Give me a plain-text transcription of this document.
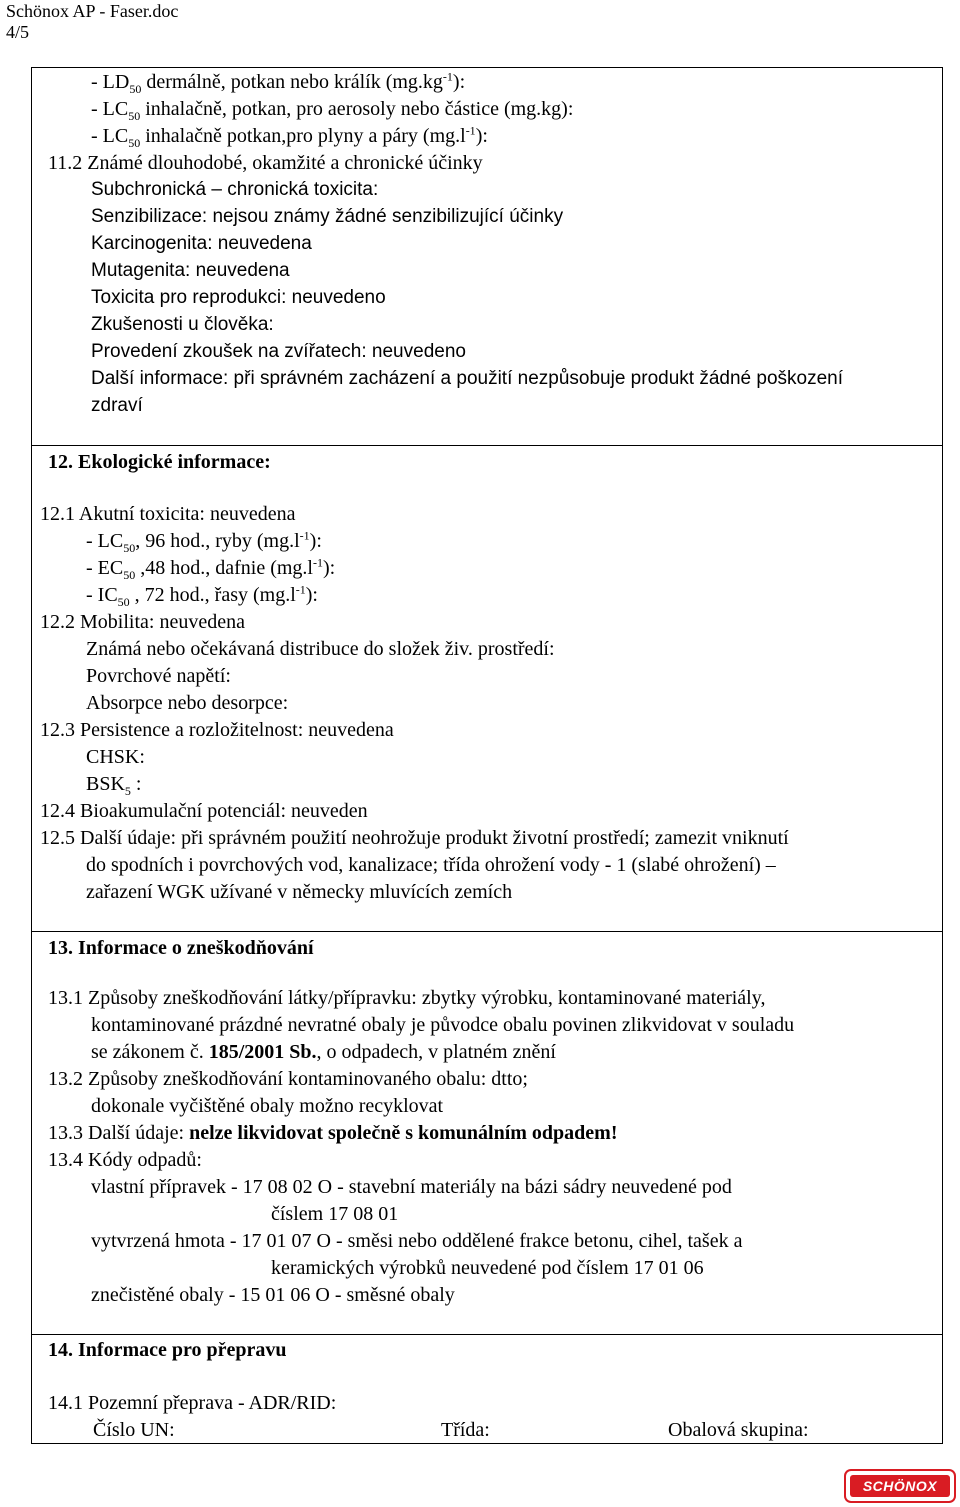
Schönox AP - Faser.doc
4/5
- $LD_{50}$ dermálně, potkan nebo králík $(mg.kg^{-1})$:
- $LC_{50}$ inhalačně, potkan, pro aerosoly nebo částice (mg.kg):
- $LC_{50}$ inhalačně potkan,pro plyny a páry $(mg.l^{-1})$:
11.2 Známé dlouhodobé, okamžité a chronické účinky
Subchronická – chronická toxicita:
Senzibilizace: nejsou známy žádné senzibilizující účinky
Karcinogenita: neuvedena
Mutagenita: neuvedena
Toxicita pro reprodukci: neuvedeno
Zkušenosti u člověka:
Provedení zkoušek na zvířatech: neuvedeno
Další informace: při správném zacházení a použití nezpůsobuje produkt žádné poškození
zdraví
12. Ekologické informace:
12.1 Akutní toxicita: neuvedena
- $LC_{50}$, 96 hod., ryby $(mg.l^{-1})$:
- $EC_{50}$ ,48 hod., dafnie $(mg.l^{-1})$:
- $IC_{50}$ , 72 hod., řasy $(mg.l^{-1})$:
12.2 Mobilita: neuvedena
Známá nebo očekávaná distribuce do složek živ. prostředí:
Povrchové napětí:
Absorpce nebo desorpce:
12.3 Persistence a rozložitelnost: neuvedena
CHSK:
$BSK_5$ :
12.4 Bioakumulační potenciál: neuveden
12.5 Další údaje: při správném použití neohrožuje produkt životní prostředí; zamezit vniknutí
do spodních i povrchových vod, kanalizace; třída ohrožení vody - 1 (slabé ohrožení) –
zařazení WGK užívané v německy mluvících zemích
13. Informace o zneškodňování
13.1 Způsoby zneškodňování látky/přípravku: zbytky výrobku, kontaminované materiály,
kontaminované prázdné nevratné obaly je původce obalu povinen zlikvidovat v souladu
se zákonem č. 185/2001 Sb., o odpadech, v platném znění
13.2 Způsoby zneškodňování kontaminovaného obalu: dtto;
dokonale vyčištěné obaly možno recyklovat
13.3 Další údaje: nelze likvidovat společně s komunálním odpadem!
13.4 Kódy odpadů:
vlastní přípravek - 17 08 02 O - stavební materiály na bázi sádry neuvedené pod
číslem 17 08 01
vytvrzená hmota - 17 01 07 O - směsi nebo oddělené frakce betonu, cihel, tašek a
keramických výrobků neuvedené pod číslem 17 01 06
znečistěné obaly - 15 01 06 O - směsné obaly
14. Informace pro přepravu
14.1 Pozemní přeprava - ADR/RID:
Číslo UN:	Třída:	Obalová skupina:
SCHÖNOX
